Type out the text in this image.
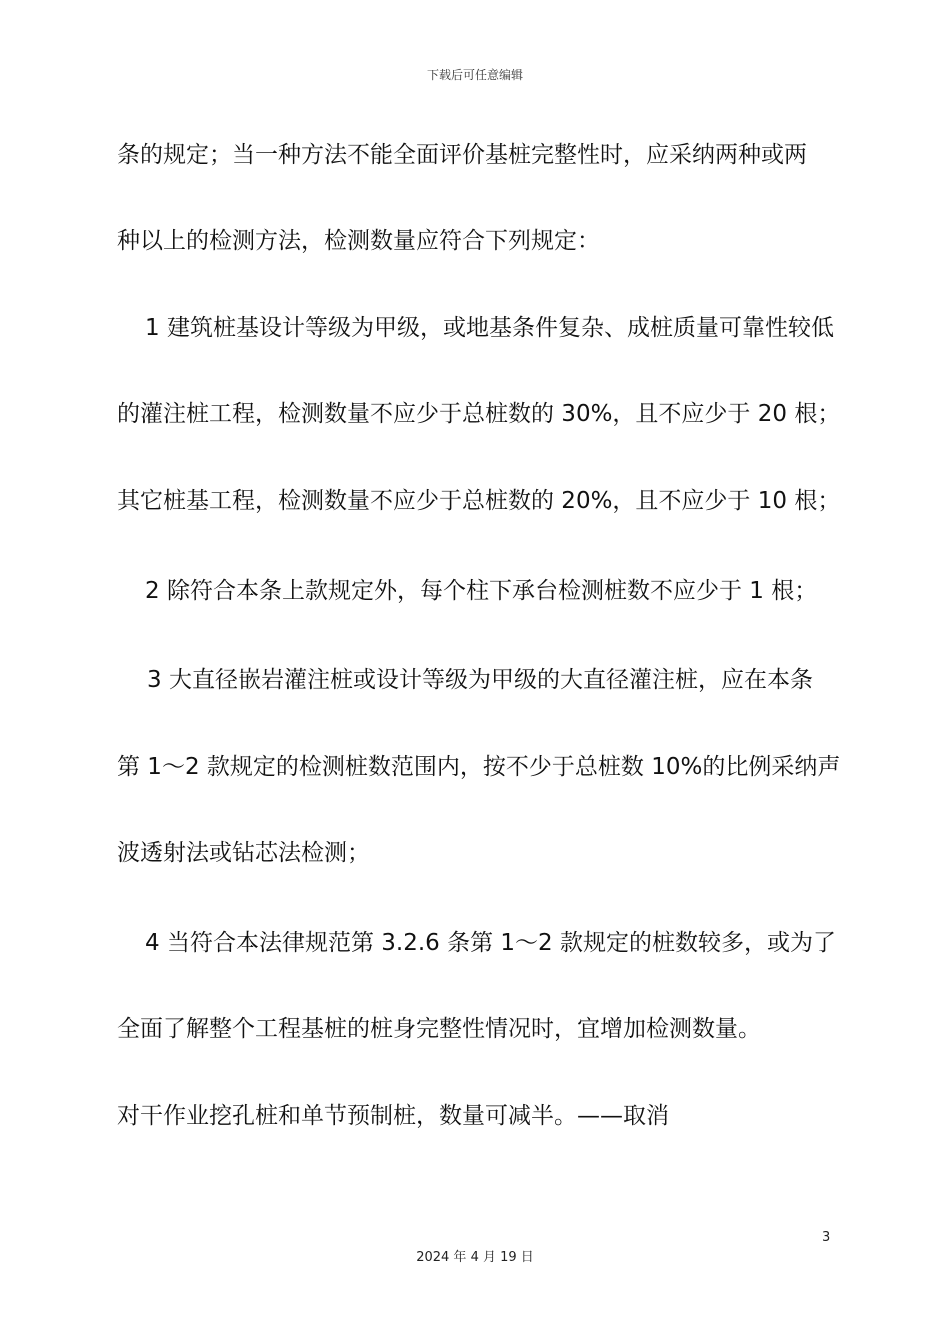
下载后可任意编辑
条的规定；当一种方法不能全面评价基桩完整性时，应采纳两种或两
种以上的检测方法，检测数量应符合下列规定：
1 建筑桩基设计等级为甲级，或地基条件复杂、成桩质量可靠性较低
的灌注桩工程，检测数量不应少于总桩数的 30%，且不应少于 20 根；
其它桩基工程，检测数量不应少于总桩数的 20%，且不应少于 10 根；
2 除符合本条上款规定外，每个柱下承台检测桩数不应少于 1 根；
3 大直径嵌岩灌注桩或设计等级为甲级的大直径灌注桩，应在本条
第 1～2 款规定的检测桩数范围内，按不少于总桩数 10%的比例采纳声
波透射法或钻芯法检测；
4 当符合本法律规范第 3.2.6 条第 1～2 款规定的桩数较多，或为了
全面了解整个工程基桩的桩身完整性情况时，宜增加检测数量。
对干作业挖孔桩和单节预制桩，数量可减半。——取消
3
2024 年 4 月 19 日
